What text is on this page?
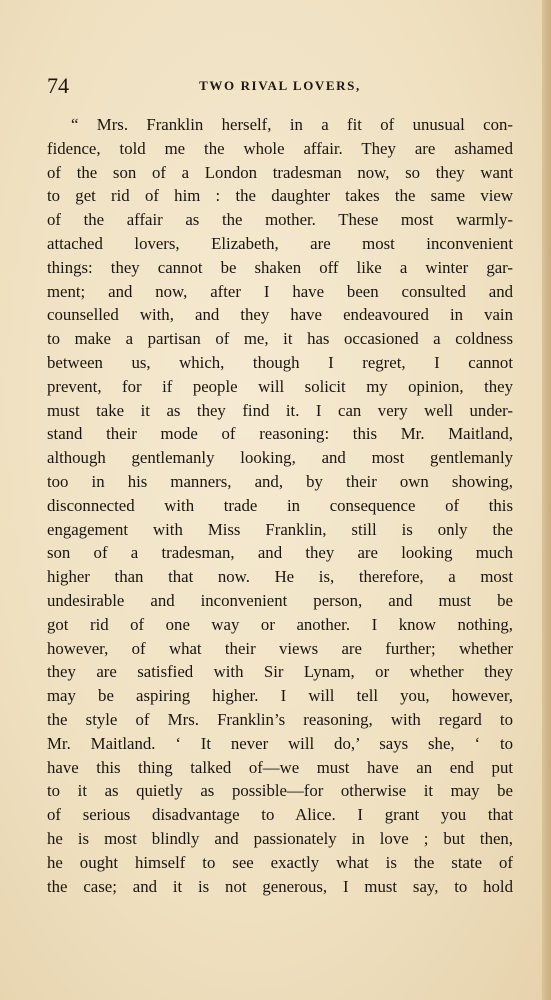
74	TWO RIVAL LOVERS,
“ Mrs. Franklin herself, in a fit of unusual con-
fidence, told me the whole affair. They are ashamed
of the son of a London tradesman now, so they want
to get rid of him : the daughter takes the same view
of the affair as the mother. These most warmly-
attached lovers, Elizabeth, are most inconvenient
things: they cannot be shaken off like a winter gar-
ment; and now, after I have been consulted and
counselled with, and they have endeavoured in vain
to make a partisan of me, it has occasioned a coldness
between us, which, though I regret, I cannot
prevent, for if people will solicit my opinion, they
must take it as they find it. I can very well under-
stand their mode of reasoning: this Mr. Maitland,
although gentlemanly looking, and most gentlemanly
too in his manners, and, by their own showing,
disconnected with trade in consequence of this
engagement with Miss Franklin, still is only the
son of a tradesman, and they are looking much
higher than that now. He is, therefore, a most
undesirable and inconvenient person, and must be
got rid of one way or another. I know nothing,
however, of what their views are further; whether
they are satisfied with Sir Lynam, or whether they
may be aspiring higher. I will tell you, however,
the style of Mrs. Franklin’s reasoning, with regard to
Mr. Maitland. ‘ It never will do,’ says she, ‘ to
have this thing talked of—we must have an end put
to it as quietly as possible—for otherwise it may be
of serious disadvantage to Alice. I grant you that
he is most blindly and passionately in love ; but then,
he ought himself to see exactly what is the state of
the case; and it is not generous, I must say, to hold
